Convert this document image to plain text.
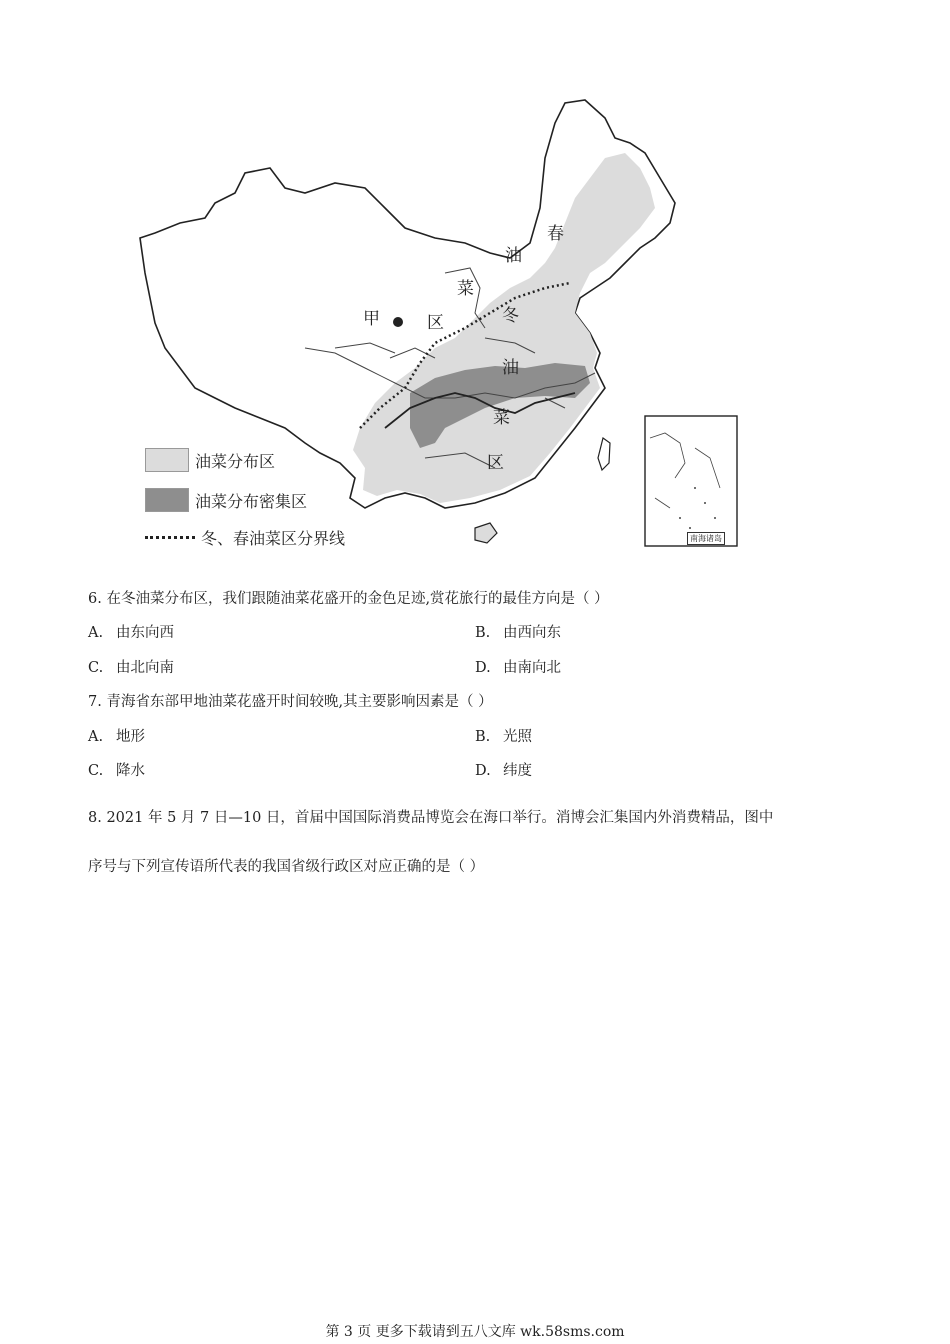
春
油
菜
甲	区	冬
油
菜
区
南海诸岛
油菜分布区
油菜分布密集区
冬、春油菜区分界线
6. 在冬油菜分布区，我们跟随油菜花盛开的金色足迹,赏花旅行的最佳方向是（ ）
A. 由东向西	B. 由西向东
C. 由北向南	D. 由南向北
7. 青海省东部甲地油菜花盛开时间较晚,其主要影响因素是（ ）
A. 地形	B. 光照
C. 降水	D. 纬度
8. 2021 年 5 月 7 日—10 日，首届中国国际消费品博览会在海口举行。消博会汇集国内外消费精品，图中
序号与下列宣传语所代表的我国省级行政区对应正确的是（ ）
第 3 页 更多下载请到五八文库 wk.58sms.com
